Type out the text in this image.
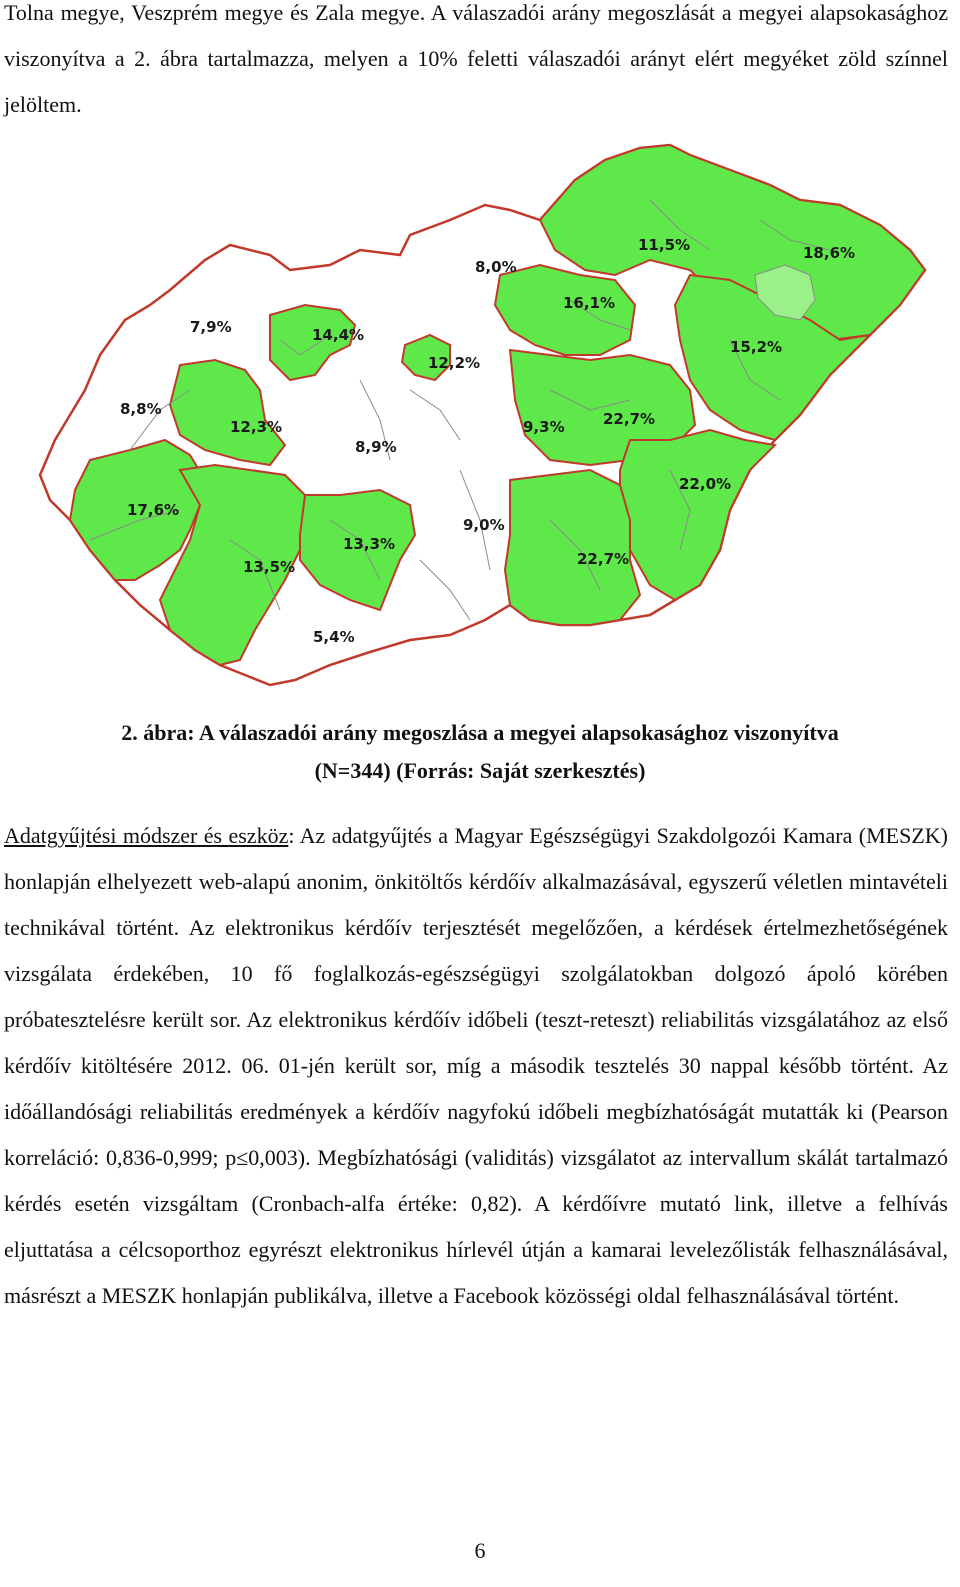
Tolna megye, Veszprém megye és Zala megye. A válaszadói arány megoszlását a megyei alapsokasághoz viszonyítva a 2. ábra tartalmazza, melyen a 10% feletti válaszadói arányt elért megyéket zöld színnel jelöltem.
7,9%	14,4%
8,0%
11,5%	18,6%
16,1%
12,2%
15,2%
8,8%
12,3%
8,9%
9,3%	22,7%
22,0%
17,6%
9,0%
13,3%
22,7%
13,5%
5,4%
2. ábra: A válaszadói arány megoszlása a megyei alapsokasághoz viszonyítva
(N=344) (Forrás: Saját szerkesztés)
Adatgyűjtési módszer és eszköz: Az adatgyűjtés a Magyar Egészségügyi Szakdolgozói Kamara (MESZK) honlapján elhelyezett web-alapú anonim, önkitöltős kérdőív alkalmazásával, egyszerű véletlen mintavételi technikával történt. Az elektronikus kérdőív terjesztését megelőzően, a kérdések értelmezhetőségének vizsgálata érdekében, 10 fő foglalkozás-egészségügyi szolgálatokban dolgozó ápoló körében próbatesztelésre került sor. Az elektronikus kérdőív időbeli (teszt-reteszt) reliabilitás vizsgálatához az első kérdőív kitöltésére 2012. 06. 01-jén került sor, míg a második tesztelés 30 nappal később történt. Az időállandósági reliabilitás eredmények a kérdőív nagyfokú időbeli megbízhatóságát mutatták ki (Pearson korreláció: 0,836-0,999; p≤0,003). Megbízhatósági (validitás) vizsgálatot az intervallum skálát tartalmazó kérdés esetén vizsgáltam (Cronbach-alfa értéke: 0,82). A kérdőívre mutató link, illetve a felhívás eljuttatása a célcsoporthoz egyrészt elektronikus hírlevél útján a kamarai levelezőlisták felhasználásával, másrészt a MESZK honlapján publikálva, illetve a Facebook közösségi oldal felhasználásával történt.
6
